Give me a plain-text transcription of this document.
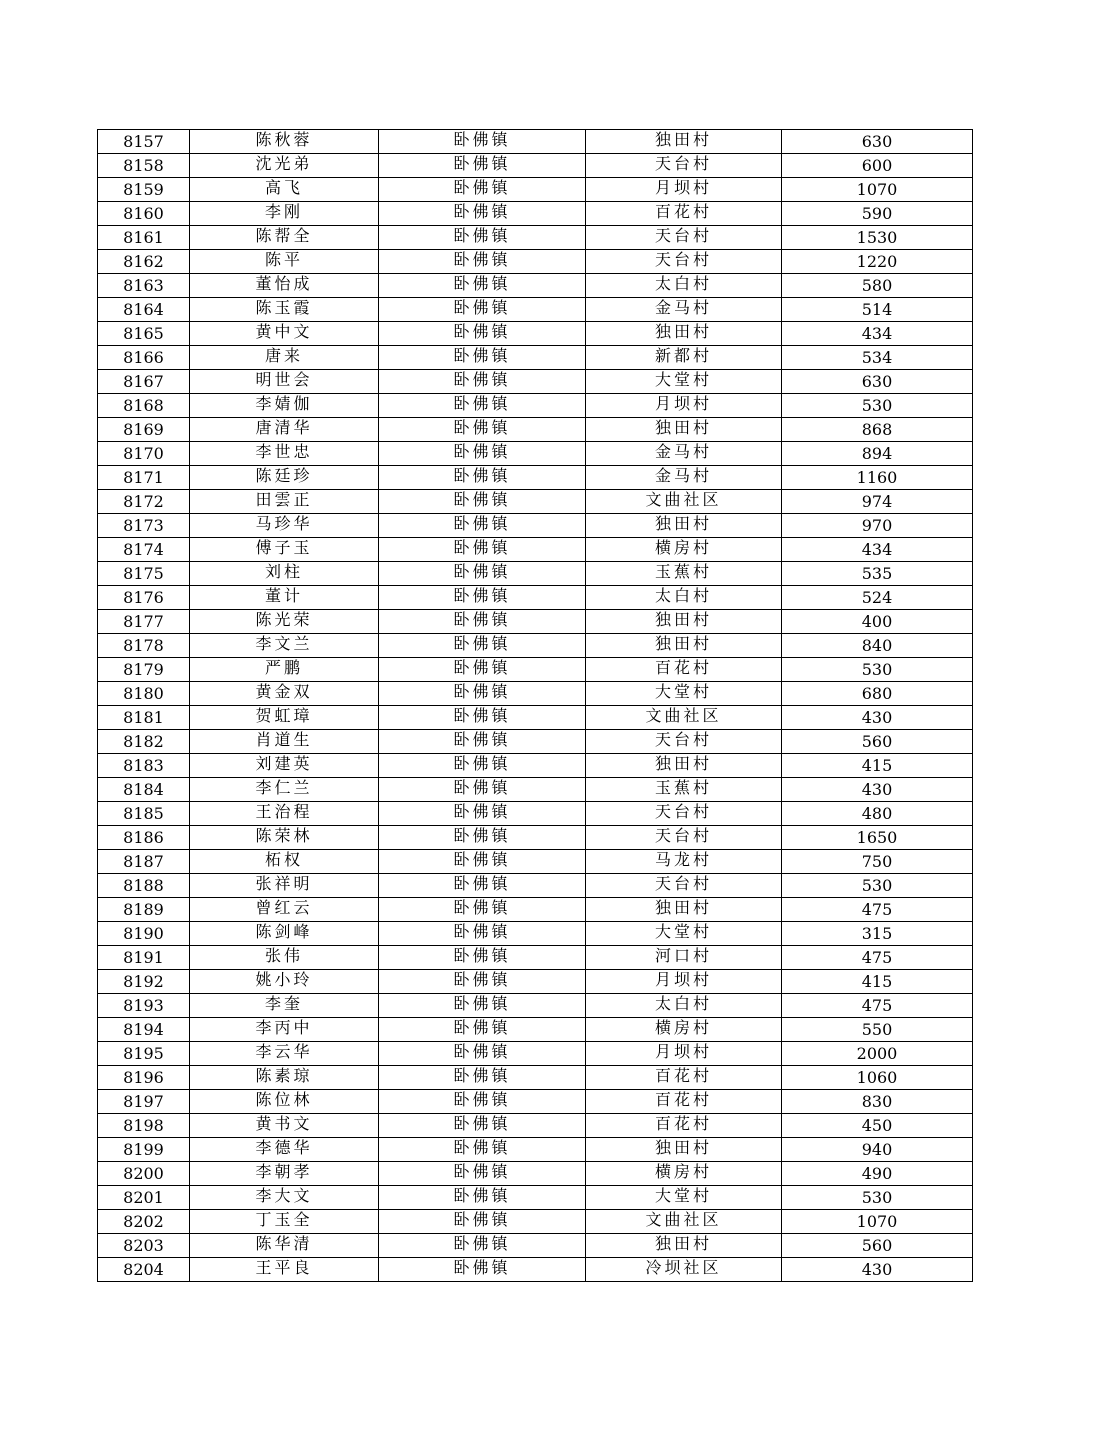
8157	陈秋蓉	卧佛镇	独田村	630
8158	沈光弟	卧佛镇	天台村	600
8159	高飞	卧佛镇	月坝村	1070
8160	李刚	卧佛镇	百花村	590
8161	陈帮全	卧佛镇	天台村	1530
8162	陈平	卧佛镇	天台村	1220
8163	董怡成	卧佛镇	太白村	580
8164	陈玉霞	卧佛镇	金马村	514
8165	黄中文	卧佛镇	独田村	434
8166	唐来	卧佛镇	新都村	534
8167	明世会	卧佛镇	大堂村	630
8168	李婧伽	卧佛镇	月坝村	530
8169	唐清华	卧佛镇	独田村	868
8170	李世忠	卧佛镇	金马村	894
8171	陈廷珍	卧佛镇	金马村	1160
8172	田雲正	卧佛镇	文曲社区	974
8173	马珍华	卧佛镇	独田村	970
8174	傅子玉	卧佛镇	横房村	434
8175	刘柱	卧佛镇	玉蕉村	535
8176	董计	卧佛镇	太白村	524
8177	陈光荣	卧佛镇	独田村	400
8178	李文兰	卧佛镇	独田村	840
8179	严鹏	卧佛镇	百花村	530
8180	黄金双	卧佛镇	大堂村	680
8181	贺虹璋	卧佛镇	文曲社区	430
8182	肖道生	卧佛镇	天台村	560
8183	刘建英	卧佛镇	独田村	415
8184	李仁兰	卧佛镇	玉蕉村	430
8185	王治程	卧佛镇	天台村	480
8186	陈荣林	卧佛镇	天台村	1650
8187	柘权	卧佛镇	马龙村	750
8188	张祥明	卧佛镇	天台村	530
8189	曾红云	卧佛镇	独田村	475
8190	陈剑峰	卧佛镇	大堂村	315
8191	张伟	卧佛镇	河口村	475
8192	姚小玲	卧佛镇	月坝村	415
8193	李奎	卧佛镇	太白村	475
8194	李丙中	卧佛镇	横房村	550
8195	李云华	卧佛镇	月坝村	2000
8196	陈素琼	卧佛镇	百花村	1060
8197	陈位林	卧佛镇	百花村	830
8198	黄书文	卧佛镇	百花村	450
8199	李德华	卧佛镇	独田村	940
8200	李朝孝	卧佛镇	横房村	490
8201	李大文	卧佛镇	大堂村	530
8202	丁玉全	卧佛镇	文曲社区	1070
8203	陈华清	卧佛镇	独田村	560
8204	王平良	卧佛镇	冷坝社区	430
